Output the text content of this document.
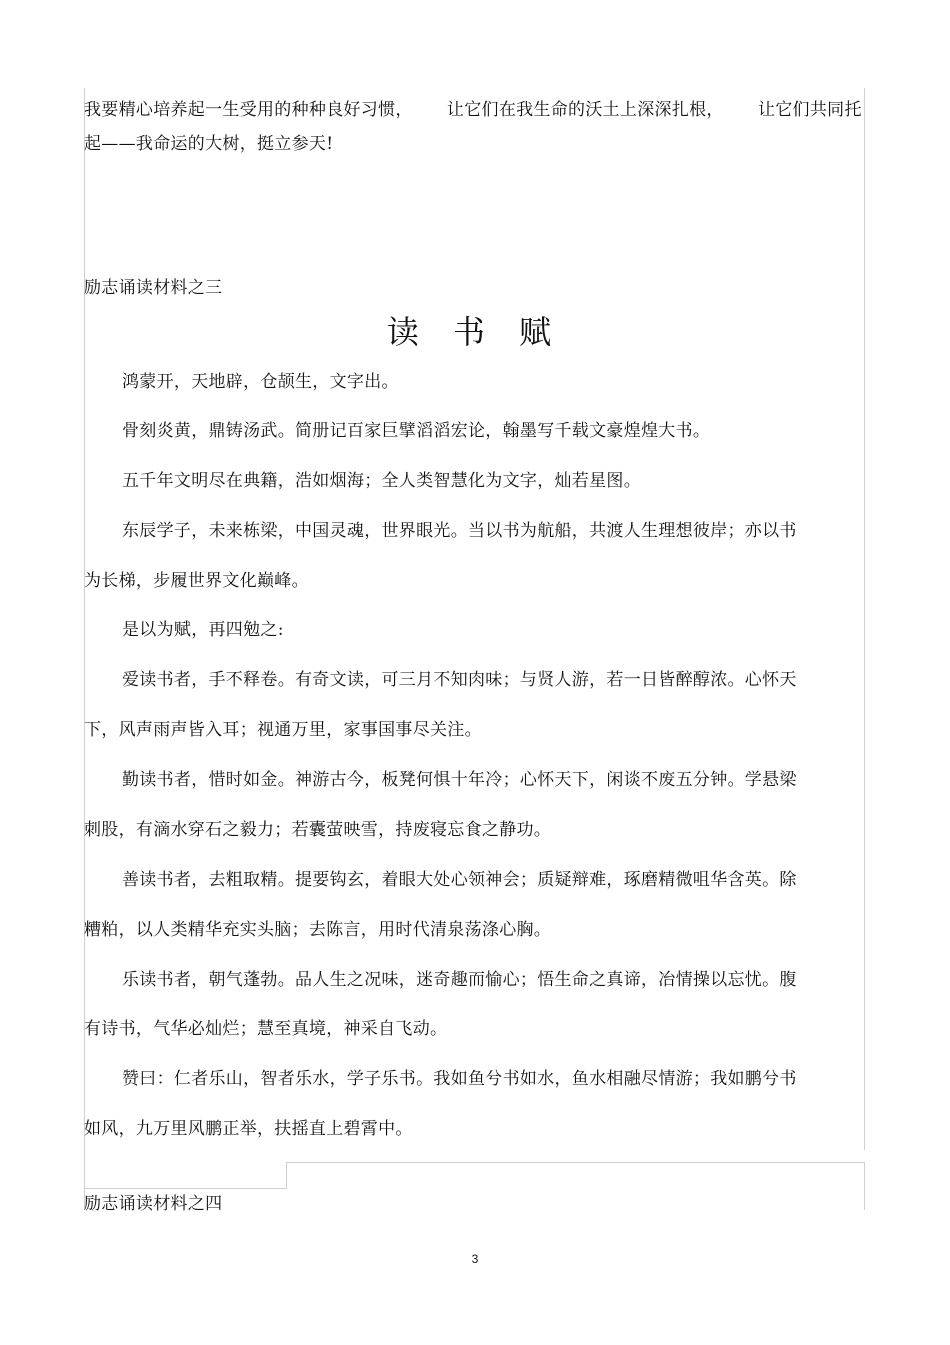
我要精心培养起一生受用的种种良好习惯，      让它们在我生命的沃土上深深扎根，      让它们共同托
起——我命运的大树，挺立参天!
励志诵读材料之三
读 书 赋
鸿蒙开，天地辟，仓颉生，文字出。
骨刻炎黄，鼎铸汤武。简册记百家巨擘滔滔宏论，翰墨写千载文豪煌煌大书。
五千年文明尽在典籍，浩如烟海；全人类智慧化为文字，灿若星图。
东辰学子，未来栋梁，中国灵魂，世界眼光。当以书为航船，共渡人生理想彼岸；亦以书
为长梯，步履世界文化巅峰。
是以为赋，再四勉之:
爱读书者，手不释卷。有奇文读，可三月不知肉味；与贤人游，若一日皆醉醇浓。心怀天
下，风声雨声皆入耳；视通万里，家事国事尽关注。
勤读书者，惜时如金。神游古今，板凳何惧十年冷；心怀天下，闲谈不废五分钟。学悬梁
刺股，有滴水穿石之毅力；若囊萤映雪，持废寝忘食之静功。
善读书者，去粗取精。提要钩玄，着眼大处心领神会；质疑辩难，琢磨精微咀华含英。除
糟粕，以人类精华充实头脑；去陈言，用时代清泉荡涤心胸。
乐读书者，朝气蓬勃。品人生之况味，迷奇趣而愉心；悟生命之真谛，冶情操以忘忧。腹
有诗书，气华必灿烂；慧至真境，神采自飞动。
赞曰：仁者乐山，智者乐水，学子乐书。我如鱼兮书如水，鱼水相融尽情游；我如鹏兮书
如风，九万里风鹏正举，扶摇直上碧霄中。
励志诵读材料之四
3
